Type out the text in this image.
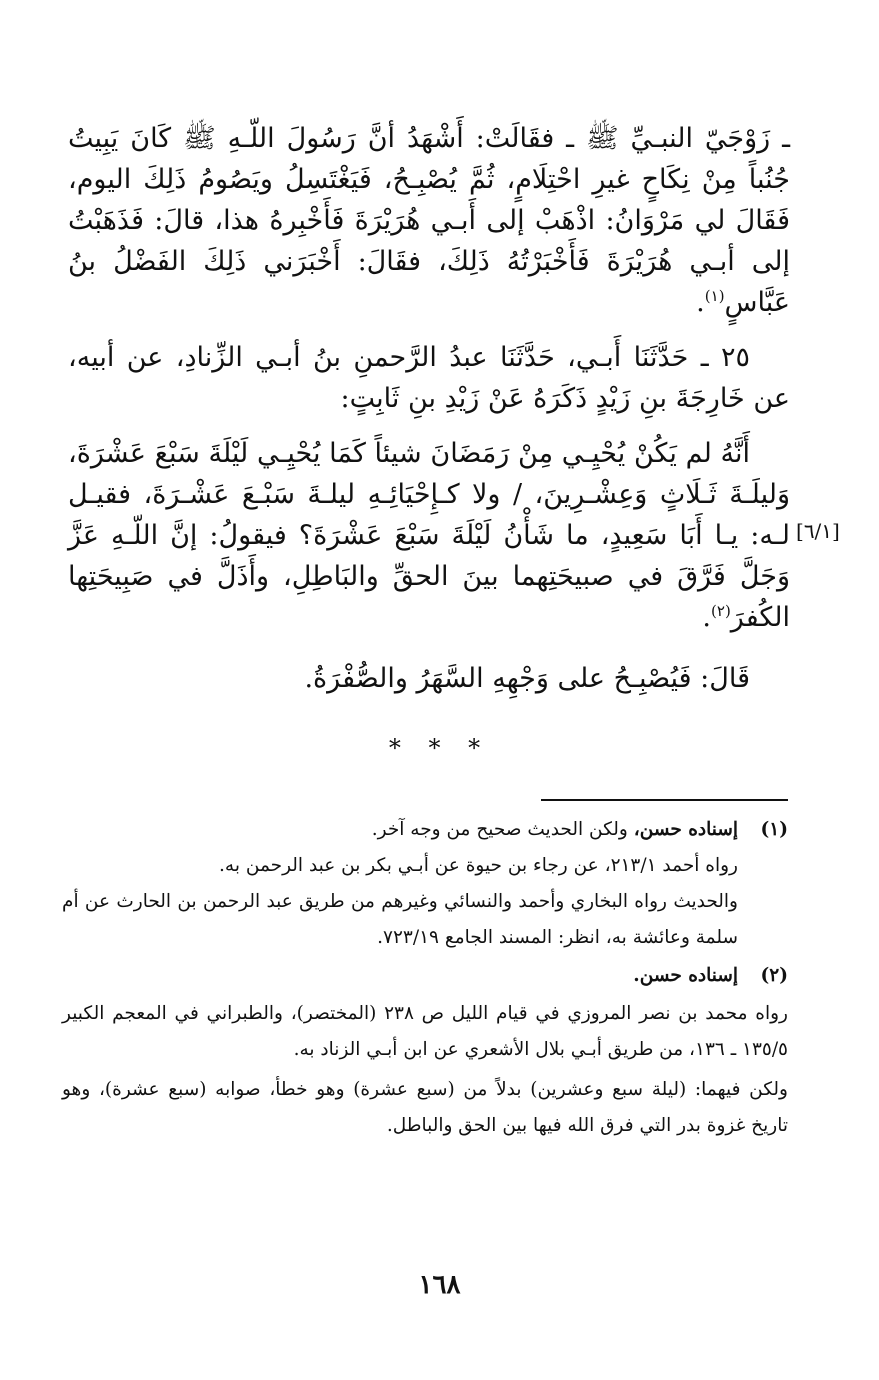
ـ زَوْجَيّ النبـيِّ ﷺ ـ فقَالَتْ: أَشْهَدُ أنَّ رَسُولَ اللّـهِ ﷺ كَانَ يَبِيتُ جُنُباً مِنْ نِكَاحٍ غيرِ احْتِلَامٍ، ثُمَّ يُصْبِـحُ، فَيَغْتَسِلُ ويَصُومُ ذَلِكَ اليوم، فَقَالَ لي مَرْوَانُ: اذْهَبْ إلى أَبـي هُرَيْرَةَ فَأَخْبِرهُ هذا، قالَ: فَذَهَبْتُ إلى أبـي هُرَيْرَةَ فَأَخْبَرْتُهُ ذَلِكَ، فقَالَ: أَخْبَرَني ذَلِكَ الفَضْلُ بنُ عَبَّاسٍ$^{(١)}$.

٢٥ ـ حَدَّثَنَا أَبـي، حَدَّثَنَا عبدُ الرَّحمنِ بنُ أبـي الزِّنادِ، عن أبيه، عن خَارِجَةَ بنِ زَيْدٍ ذَكَرَهُ عَنْ زَيْدِ بنِ ثَابِتٍ:

أَنَّهُ لم يَكُنْ يُحْيِـي مِنْ رَمَضَانَ شيئاً كَمَا يُحْيِـي لَيْلَةَ سَبْعَ عَشْرَةَ، وَليلَـةَ ثَـلَاثٍ وَعِشْـرِينَ، / ولا كـإِحْيَائِـهِ ليلـةَ سَبْـعَ عَشْـرَةَ، فقيـل لـه: يـا أَبَا سَعِيدٍ، ما شَأْنُ لَيْلَةَ سَبْعَ عَشْرَةَ؟ فيقولُ: إنَّ اللّـهِ عَزَّ وَجَلَّ فَرَّقَ في صبيحَتِهما بينَ الحقِّ والبَاطِلِ، وأَذَلَّ في صَبِيحَتِها الكُفرَ$^{(٢)}$.

قَالَ: فَيُصْبِـحُ على وَجْهِهِ السَّهَرُ والصُّفْرَةُ.

[٦/١]
* * *
(١)

إسناده حسن، ولكن الحديث صحيح من وجه آخر.

رواه أحمد ٢١٣/١، عن رجاء بن حيوة عن أبـي بكر بن عبد الرحمن به.

والحديث رواه البخاري وأحمد والنسائي وغيرهم من طريق عبد الرحمن بن الحارث عن أم سلمة وعائشة به، انظر: المسند الجامع ٧٢٣/١٩.

(٢)

إسناده حسن.

رواه محمد بن نصر المروزي في قيام الليل ص ٢٣٨ (المختصر)، والطبراني في المعجم الكبير ١٣٥/٥ ـ ١٣٦، من طريق أبـي بلال الأشعري عن ابن أبـي الزناد به.

ولكن فيهما: (ليلة سبع وعشرين) بدلاً من (سبع عشرة) وهو خطأ، صوابه (سبع عشرة)، وهو تاريخ غزوة بدر التي فرق الله فيها بين الحق والباطل.

١٦٨
